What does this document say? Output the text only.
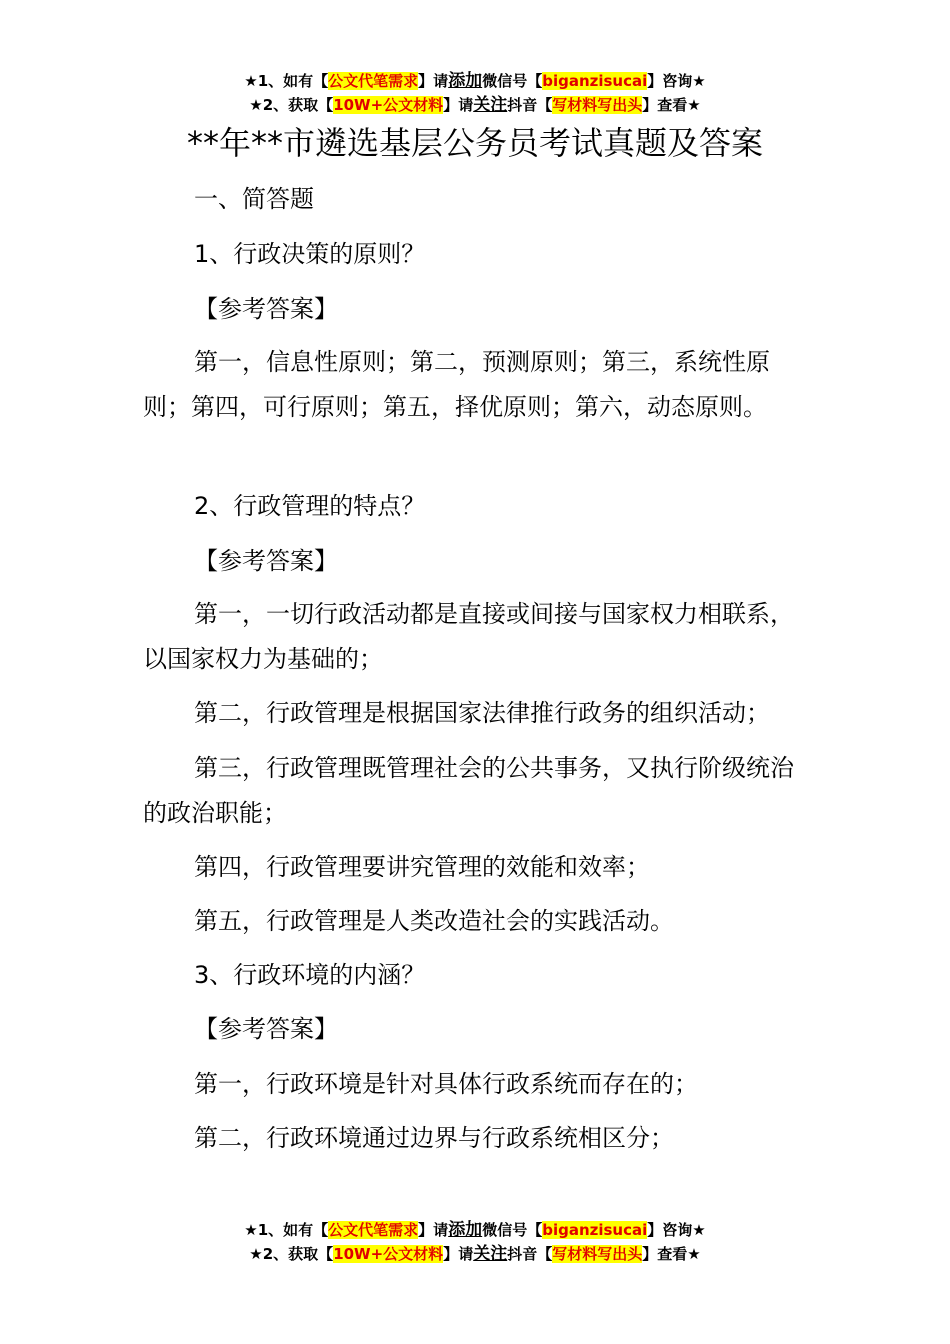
★1、如有【公文代笔需求】请添加微信号【biganzisucai】咨询★
★2、获取【10W+公文材料】请关注抖音【写材料写出头】查看★
**年**市遴选基层公务员考试真题及答案

一、简答题

1、行政决策的原则？

【参考答案】

第一，信息性原则；第二，预测原则；第三，系统性原则；第四，可行原则；第五，择优原则；第六，动态原则。

2、行政管理的特点？

【参考答案】

第一，一切行政活动都是直接或间接与国家权力相联系，以国家权力为基础的；

第二，行政管理是根据国家法律推行政务的组织活动；

第三，行政管理既管理社会的公共事务，又执行阶级统治的政治职能；

第四，行政管理要讲究管理的效能和效率；

第五，行政管理是人类改造社会的实践活动。

3、行政环境的内涵？

【参考答案】

第一，行政环境是针对具体行政系统而存在的；

第二，行政环境通过边界与行政系统相区分；

★1、如有【公文代笔需求】请添加微信号【biganzisucai】咨询★
★2、获取【10W+公文材料】请关注抖音【写材料写出头】查看★
